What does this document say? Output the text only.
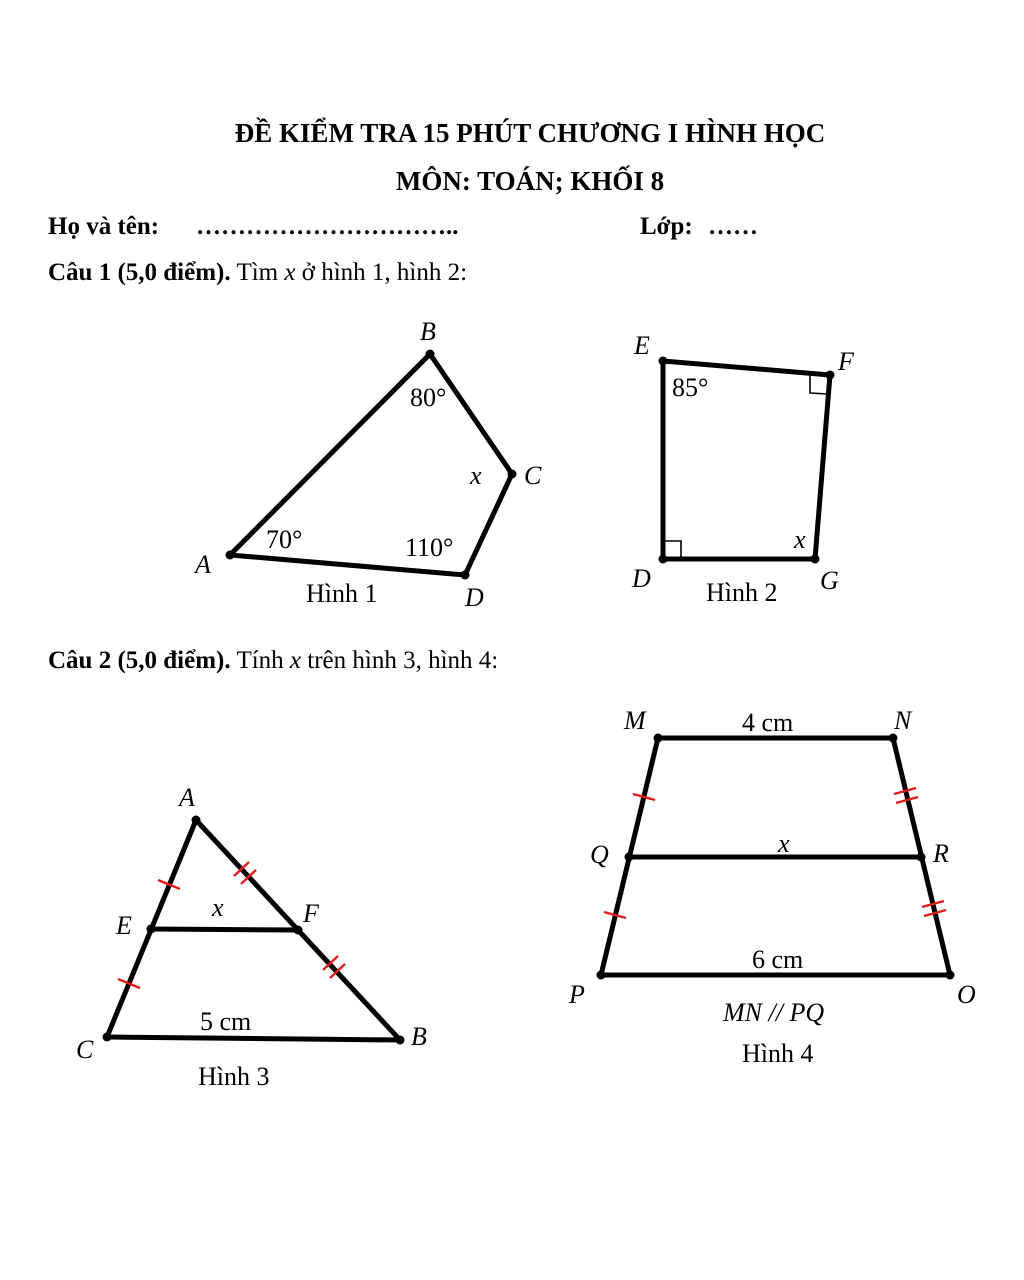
ĐỀ KIỂM TRA 15 PHÚT CHƯƠNG I HÌNH HỌC
MÔN: TOÁN; KHỐI 8
Họ và tên: …………………………..	Lớp: ……
Câu 1 (5,0 điểm). Tìm x ở hình 1, hình 2:
Câu 2 (5,0 điểm). Tính x trên hình 3, hình 4:
A
B
C
D
70°
80°
x
110°
Hình 1
E
F
D	G
85°
x
Hình 2
A
E	F
C	B
x
5 cm
Hình 3
M	N
Q	R
P	O
4 cm
x
6 cm
MN // PQ
Hình 4
